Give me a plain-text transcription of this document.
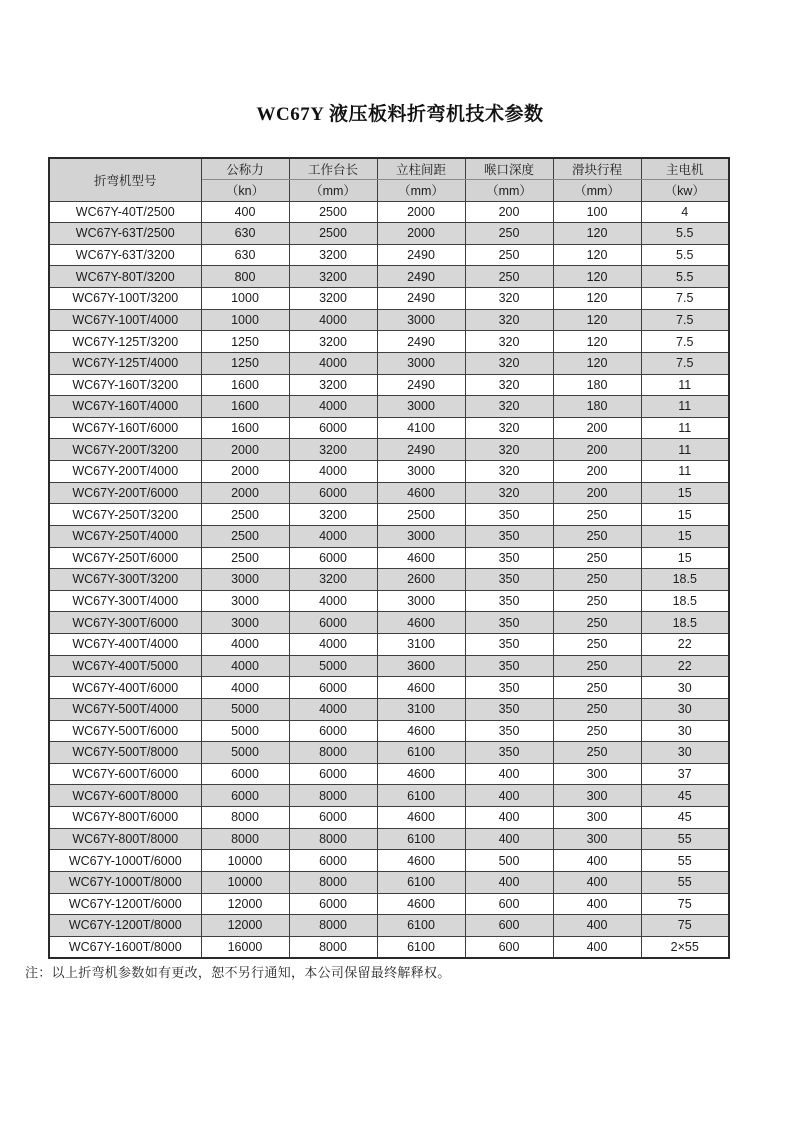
WC67Y 液压板料折弯机技术参数
折弯机型号	公称力	工作台长	立柱间距	喉口深度	滑块行程	主电机
	（kn）	（mm）	（mm）	（mm）	（mm）	（kw）
WC67Y-40T/2500	400	2500	2000	200	100	4
WC67Y-63T/2500	630	2500	2000	250	120	5.5
WC67Y-63T/3200	630	3200	2490	250	120	5.5
WC67Y-80T/3200	800	3200	2490	250	120	5.5
WC67Y-100T/3200	1000	3200	2490	320	120	7.5
WC67Y-100T/4000	1000	4000	3000	320	120	7.5
WC67Y-125T/3200	1250	3200	2490	320	120	7.5
WC67Y-125T/4000	1250	4000	3000	320	120	7.5
WC67Y-160T/3200	1600	3200	2490	320	180	11
WC67Y-160T/4000	1600	4000	3000	320	180	11
WC67Y-160T/6000	1600	6000	4100	320	200	11
WC67Y-200T/3200	2000	3200	2490	320	200	11
WC67Y-200T/4000	2000	4000	3000	320	200	11
WC67Y-200T/6000	2000	6000	4600	320	200	15
WC67Y-250T/3200	2500	3200	2500	350	250	15
WC67Y-250T/4000	2500	4000	3000	350	250	15
WC67Y-250T/6000	2500	6000	4600	350	250	15
WC67Y-300T/3200	3000	3200	2600	350	250	18.5
WC67Y-300T/4000	3000	4000	3000	350	250	18.5
WC67Y-300T/6000	3000	6000	4600	350	250	18.5
WC67Y-400T/4000	4000	4000	3100	350	250	22
WC67Y-400T/5000	4000	5000	3600	350	250	22
WC67Y-400T/6000	4000	6000	4600	350	250	30
WC67Y-500T/4000	5000	4000	3100	350	250	30
WC67Y-500T/6000	5000	6000	4600	350	250	30
WC67Y-500T/8000	5000	8000	6100	350	250	30
WC67Y-600T/6000	6000	6000	4600	400	300	37
WC67Y-600T/8000	6000	8000	6100	400	300	45
WC67Y-800T/6000	8000	6000	4600	400	300	45
WC67Y-800T/8000	8000	8000	6100	400	300	55
WC67Y-1000T/6000	10000	6000	4600	500	400	55
WC67Y-1000T/8000	10000	8000	6100	400	400	55
WC67Y-1200T/6000	12000	6000	4600	600	400	75
WC67Y-1200T/8000	12000	8000	6100	600	400	75
WC67Y-1600T/8000	16000	8000	6100	600	400	2×55
注：以上折弯机参数如有更改，恕不另行通知，本公司保留最终解释权。
